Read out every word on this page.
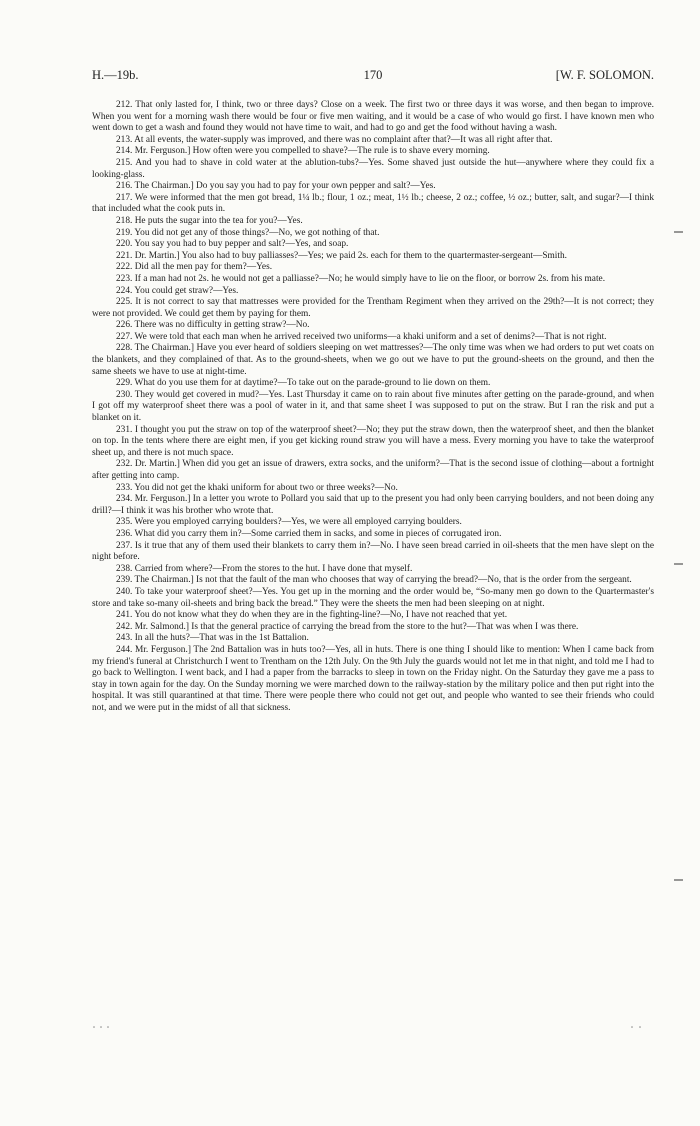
H.—19b.	170	[W. F. SOLOMON.

212. That only lasted for, I think, two or three days? Close on a week. The first two or three days it was worse, and then began to improve. When you went for a morning wash there would be four or five men waiting, and it would be a case of who would go first. I have known men who went down to get a wash and found they would not have time to wait, and had to go and get the food without having a wash.

213. At all events, the water-supply was improved, and there was no complaint after that?—It was all right after that.

214. Mr. Ferguson.] How often were you compelled to shave?—The rule is to shave every morning.

215. And you had to shave in cold water at the ablution-tubs?—Yes. Some shaved just outside the hut—anywhere where they could fix a looking-glass.

216. The Chairman.] Do you say you had to pay for your own pepper and salt?—Yes.

217. We were informed that the men got bread, 1¼ lb.; flour, 1 oz.; meat, 1½ lb.; cheese, 2 oz.; coffee, ½ oz.; butter, salt, and sugar?—I think that included what the cook puts in.

218. He puts the sugar into the tea for you?—Yes.

219. You did not get any of those things?—No, we got nothing of that.

220. You say you had to buy pepper and salt?—Yes, and soap.

221. Dr. Martin.] You also had to buy palliasses?—Yes; we paid 2s. each for them to the quartermaster-sergeant—Smith.

222. Did all the men pay for them?—Yes.

223. If a man had not 2s. he would not get a palliasse?—No; he would simply have to lie on the floor, or borrow 2s. from his mate.

224. You could get straw?—Yes.

225. It is not correct to say that mattresses were provided for the Trentham Regiment when they arrived on the 29th?—It is not correct; they were not provided. We could get them by paying for them.

226. There was no difficulty in getting straw?—No.

227. We were told that each man when he arrived received two uniforms—a khaki uniform and a set of denims?—That is not right.

228. The Chairman.] Have you ever heard of soldiers sleeping on wet mattresses?—The only time was when we had orders to put wet coats on the blankets, and they complained of that. As to the ground-sheets, when we go out we have to put the ground-sheets on the ground, and then the same sheets we have to use at night-time.

229. What do you use them for at daytime?—To take out on the parade-ground to lie down on them.

230. They would get covered in mud?—Yes. Last Thursday it came on to rain about five minutes after getting on the parade-ground, and when I got off my waterproof sheet there was a pool of water in it, and that same sheet I was supposed to put on the straw. But I ran the risk and put a blanket on it.

231. I thought you put the straw on top of the waterproof sheet?—No; they put the straw down, then the waterproof sheet, and then the blanket on top. In the tents where there are eight men, if you get kicking round straw you will have a mess. Every morning you have to take the waterproof sheet up, and there is not much space.

232. Dr. Martin.] When did you get an issue of drawers, extra socks, and the uniform?—That is the second issue of clothing—about a fortnight after getting into camp.

233. You did not get the khaki uniform for about two or three weeks?—No.

234. Mr. Ferguson.] In a letter you wrote to Pollard you said that up to the present you had only been carrying boulders, and not been doing any drill?—I think it was his brother who wrote that.

235. Were you employed carrying boulders?—Yes, we were all employed carrying boulders.

236. What did you carry them in?—Some carried them in sacks, and some in pieces of corrugated iron.

237. Is it true that any of them used their blankets to carry them in?—No. I have seen bread carried in oil-sheets that the men have slept on the night before.

238. Carried from where?—From the stores to the hut. I have done that myself.

239. The Chairman.] Is not that the fault of the man who chooses that way of carrying the bread?—No, that is the order from the sergeant.

240. To take your waterproof sheet?—Yes. You get up in the morning and the order would be, “So-many men go down to the Quartermaster's store and take so-many oil-sheets and bring back the bread.” They were the sheets the men had been sleeping on at night.

241. You do not know what they do when they are in the fighting-line?—No, I have not reached that yet.

242. Mr. Salmond.] Is that the general practice of carrying the bread from the store to the hut?—That was when I was there.

243. In all the huts?—That was in the 1st Battalion.

244. Mr. Ferguson.] The 2nd Battalion was in huts too?—Yes, all in huts. There is one thing I should like to mention: When I came back from my friend's funeral at Christchurch I went to Trentham on the 12th July. On the 9th July the guards would not let me in that night, and told me I had to go back to Wellington. I went back, and I had a paper from the barracks to sleep in town on the Friday night. On the Saturday they gave me a pass to stay in town again for the day. On the Sunday morning we were marched down to the railway-station by the military police and then put right into the hospital. It was still quarantined at that time. There were people there who could not get out, and people who wanted to see their friends who could not, and we were put in the midst of all that sickness.
